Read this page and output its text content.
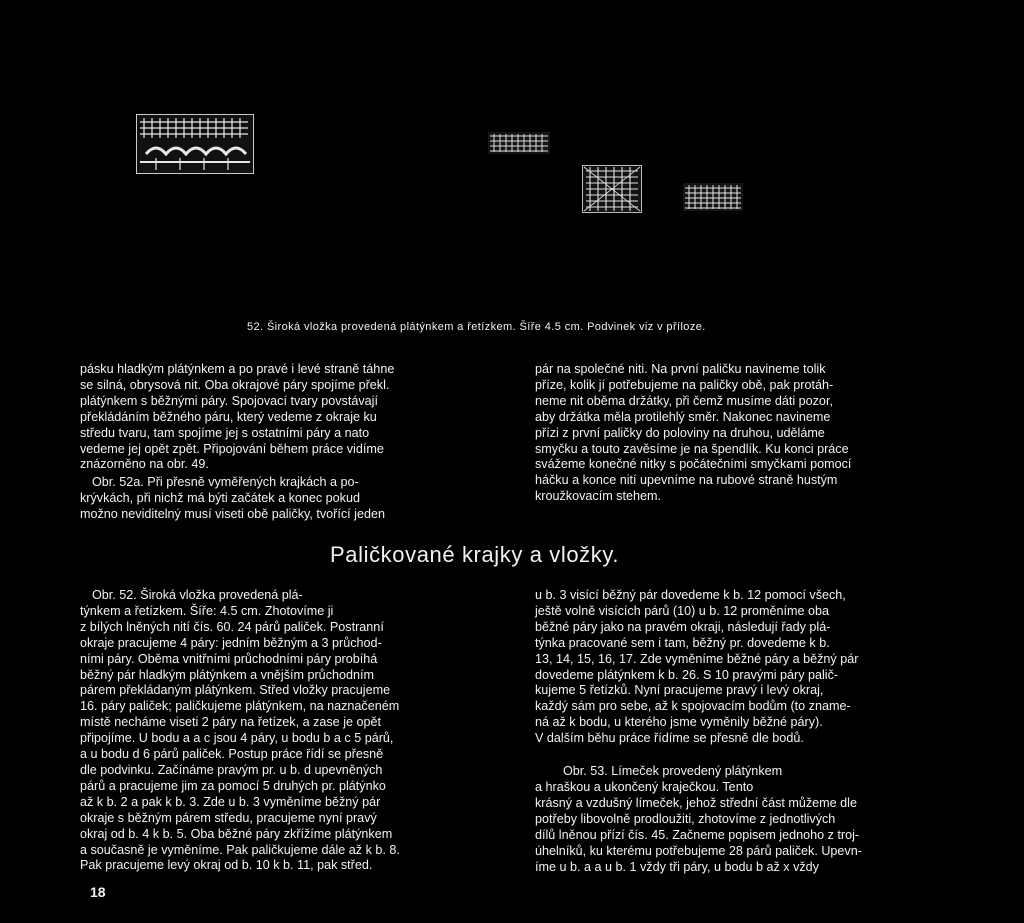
52. Široká vložka provedená plátýnkem a řetízkem. Šíře 4.5 cm. Podvinek viz v příloze.

pásku hladkým plátýnkem a po pravé i levé straně táhne

se silná, obrysová nit. Oba okrajové páry spojíme překl.

plátýnkem s běžnými páry. Spojovací tvary povstávají

překládáním běžného páru, který vedeme z okraje ku

středu tvaru, tam spojíme jej s ostatními páry a nato

vedeme jej opět zpět. Připojování během práce vidíme

znázorněno na obr. 49.

Obr. 52a. Při přesně vyměřených krajkách a po-

krývkách, při nichž má býti začátek a konec pokud

možno neviditelný musí viseti obě paličky, tvořící jeden

pár na společné niti. Na první paličku navineme tolik

příze, kolik jí potřebujeme na paličky obě, pak protáh-

neme nit oběma držátky, při čemž musíme dáti pozor,

aby držátka měla protilehlý směr. Nakonec navineme

přízi z první paličky do poloviny na druhou, uděláme

smyčku a touto zavěsíme je na špendlík. Ku konci práce

svážeme konečné nitky s počátečními smyčkami pomocí

háčku a konce nití upevníme na rubové straně hustým

kroužkovacím stehem.

Paličkované krajky a vložky.

Obr. 52. Široká vložka provedená plá-

týnkem a řetízkem. Šíře: 4.5 cm. Zhotovíme ji

z bílých lněných nití čís. 60. 24 párů paliček. Postranní

okraje pracujeme 4 páry: jedním běžným a 3 průchod-

ními páry. Oběma vnitřními průchodními páry probíhá

běžný pár hladkým plátýnkem a vnějším průchodním

párem překládaným plátýnkem. Střed vložky pracujeme

16. páry paliček; paličkujeme plátýnkem, na naznačeném

místě necháme viseti 2 páry na řetízek, a zase je opět

připojíme. U bodu a a c jsou 4 páry, u bodu b a c 5 párů,

a u bodu d 6 párů paliček. Postup práce řídí se přesně

dle podvinku. Začínáme pravým pr. u b. d upevněných

párů a pracujeme jim za pomocí 5 druhých pr. plátýnko

až k b. 2 a pak k b. 3. Zde u b. 3 vyměníme běžný pár

okraje s běžným párem středu, pracujeme nyní pravý

okraj od b. 4 k b. 5. Oba běžné páry zkřížíme plátýnkem

a současně je vyměníme. Pak paličkujeme dále až k b. 8.

Pak pracujeme levý okraj od b. 10 k b. 11, pak střed.

u b. 3 visící běžný pár dovedeme k b. 12 pomocí všech,

ještě volně visících párů (10) u b. 12 proměníme oba

běžné páry jako na pravém okraji, následují řady plá-

týnka pracované sem i tam, běžný pr. dovedeme k b.

13, 14, 15, 16, 17. Zde vyměníme běžné páry a běžný pár

dovedeme plátýnkem k b. 26. S 10 pravými páry palič-

kujeme 5 řetízků. Nyní pracujeme pravý i levý okraj,

každý sám pro sebe, až k spojovacím bodům (to zname-

ná až k bodu, u kterého jsme vyměnily běžné páry).

V dalším běhu práce řídíme se přesně dle bodů.

Obr. 53. Límeček provedený plátýnkem

a hraškou a ukončený kraječkou. Tento

krásný a vzdušný límeček, jehož střední část můžeme dle

potřeby libovolně prodloužiti, zhotovíme z jednotlivých

dílů lněnou přízí čís. 45. Začneme popisem jednoho z troj-

úhelníků, ku kterému potřebujeme 28 párů paliček. Upevn-

íme u b. a a u b. 1 vždy tři páry, u bodu b až x vždy

18
